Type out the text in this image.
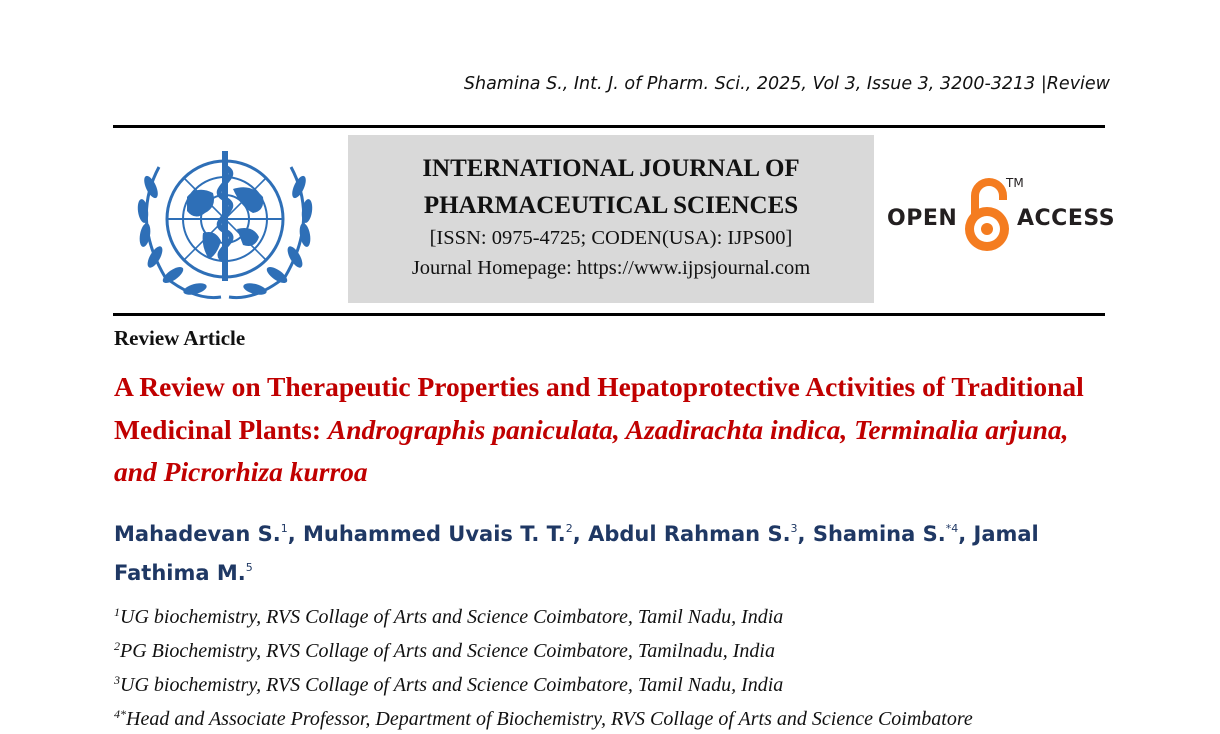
Shamina S., Int. J. of Pharm. Sci., 2025, Vol 3, Issue 3, 3200-3213 |Review
INTERNATIONAL JOURNAL OF
PHARMACEUTICAL SCIENCES
[ISSN: 0975-4725; CODEN(USA): IJPS00]
Journal Homepage: https://www.ijpsjournal.com
OPEN
TM
ACCESS
Review Article
A Review on Therapeutic Properties and Hepatoprotective Activities of Traditional Medicinal Plants: Andrographis paniculata, Azadirachta indica, Terminalia arjuna, and Picrorhiza kurroa
Mahadevan S.$^1$, Muhammed Uvais T. T.$^2$, Abdul Rahman S.$^3$, Shamina S.$^{*4}$, Jamal Fathima M.$^5$
$^1$UG biochemistry, RVS Collage of Arts and Science Coimbatore, Tamil Nadu, India
$^2$PG Biochemistry, RVS Collage of Arts and Science Coimbatore, Tamilnadu, India
$^3$UG biochemistry, RVS Collage of Arts and Science Coimbatore, Tamil Nadu, India
$^{4*}$Head and Associate Professor, Department of Biochemistry, RVS Collage of Arts and Science Coimbatore
